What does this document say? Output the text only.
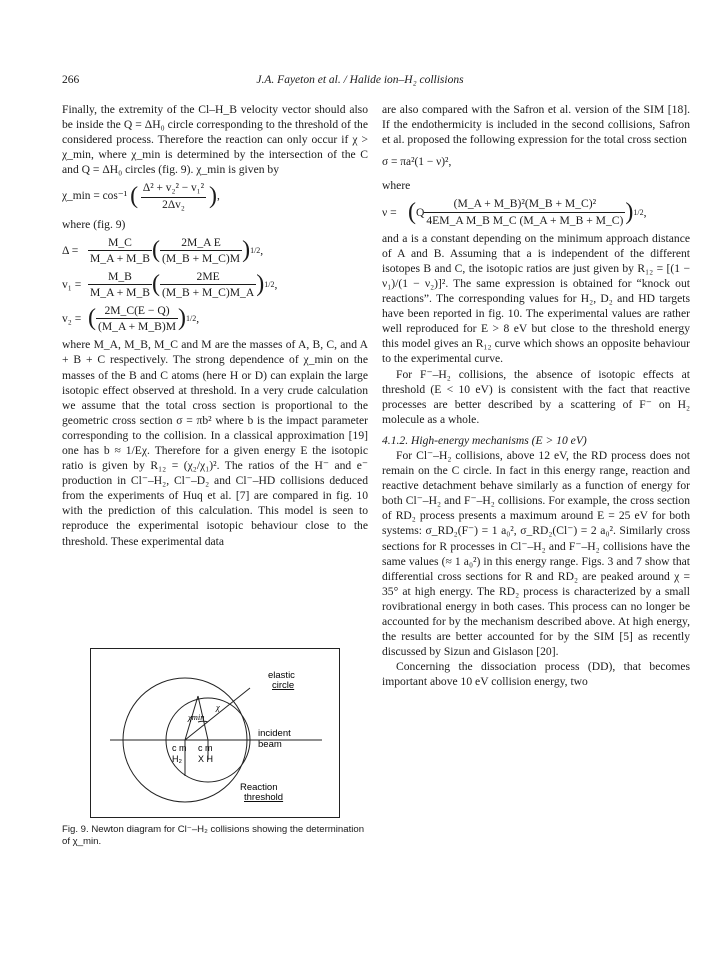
266	J.A. Fayeton et al. / Halide ion–H₂ collisions

Finally, the extremity of the Cl–H_B velocity vector should also be inside the Q = ΔH₀ circle corresponding to the threshold of the considered process. Therefore the reaction can only occur if χ > χ_min, where χ_min is determined by the intersection of the C and Q = ΔH₀ circles (fig. 9). χ_min is given by

χ_min = cos⁻¹ ( $\frac{\text{Δ² + v₂² − v₁²}}{\text{2Δv₂}}$ ),

where (fig. 9)

$\Delta = \frac{M\_C}{M\_A + M\_B}$ ( $\frac{\text{2M\_A E}}{(M\_B + M\_C)M}$ ) 1/2 ,
$v_1 = \frac{M\_B}{M\_A + M\_B}$ ( $\frac{2ME}{(M\_B + M\_C)M\_A}$ ) 1/2 ,
v₂ = ( $\frac{2M\_C(E - Q)}{(M\_A + M\_B)M}$ ) 1/2 ,

where M_A, M_B, M_C and M are the masses of A, B, C, and A + B + C respectively. The strong dependence of χ_min on the masses of the B and C atoms (here H or D) can explain the large isotopic effect observed at threshold. In a very crude calculation we assume that the total cross section is proportional to the geometric cross section σ = πb² where b is the impact parameter corresponding to the collision. In a classical approximation [19] one has b ≈ 1/Eχ. Therefore for a given energy E the isotopic ratio is given by R₁₂ = (χ₂/χ₁)². The ratios of the H⁻ and e⁻ production in Cl⁻–H₂, Cl⁻–D₂ and Cl⁻–HD collisions deduced from the experiments of Huq et al. [7] are compared in fig. 10 with the prediction of this calculation. This model is seen to reproduce the experimental isotopic behaviour close to the threshold. These experimental data

elastic
circle
χmin
χ
incident
beam
c m c m
H₂ X H
Reaction
threshold
Fig. 9. Newton diagram for Cl⁻–H₂ collisions showing the determination of χ_min.

are also compared with the Safron et al. version of the SIM [18]. If the endothermicity is included in the second collisions, Safron et al. proposed the following expression for the total cross section

σ = πa²(1 − ν)²,

where

ν = ( Q $\frac{\text{(M\_A + M\_B)²(M\_B + M\_C)²}}{\text{4EM\_A M\_B M\_C (M\_A + M\_B + M\_C)}}$ ) 1/2 ,

and a is a constant depending on the minimum approach distance of A and B. Assuming that a is independent of the different isotopes B and C, the isotopic ratios are just given by R₁₂ = [(1 − ν₁)/(1 − ν₂)]². The same expression is obtained for “knock out reactions”. The corresponding values for H₂, D₂ and HD targets have been reported in fig. 10. The experimental values are rather well reproduced for E > 8 eV but close to the threshold energy this model gives an R₁₂ curve which shows an opposite behaviour to the experimental curve.

For F⁻–H₂ collisions, the absence of isotopic effects at threshold (E < 10 eV) is consistent with the fact that reactive processes are better described by a scattering of F⁻ on H₂ molecule as a whole.

4.1.2. High-energy mechanisms (E > 10 eV)

For Cl⁻–H₂ collisions, above 12 eV, the RD process does not remain on the C circle. In fact in this energy range, reaction and reactive detachment behave similarly as a function of energy for both Cl⁻–H₂ and F⁻–H₂ collisions. For example, the cross section of RD₂ process presents a maximum around E = 25 eV for both systems: σ_RD₂(F⁻) = 1 a₀², σ_RD₂(Cl⁻) = 2 a₀². Similarly cross sections for R processes in Cl⁻–H₂ and F⁻–H₂ collisions have the same values (≈ 1 a₀²) in this energy range. Figs. 3 and 7 show that differential cross sections for R and RD₂ are peaked around χ = 35° at high energy. The RD₂ process is characterized by a small rovibrational energy in both cases. This process can no longer be accounted for by the mechanism described above. At high energy, the results are better accounted for by the SIM [5] as recently discussed by Sizun and Gislason [20].

Concerning the dissociation process (DD), that becomes important above 10 eV collision energy, two
